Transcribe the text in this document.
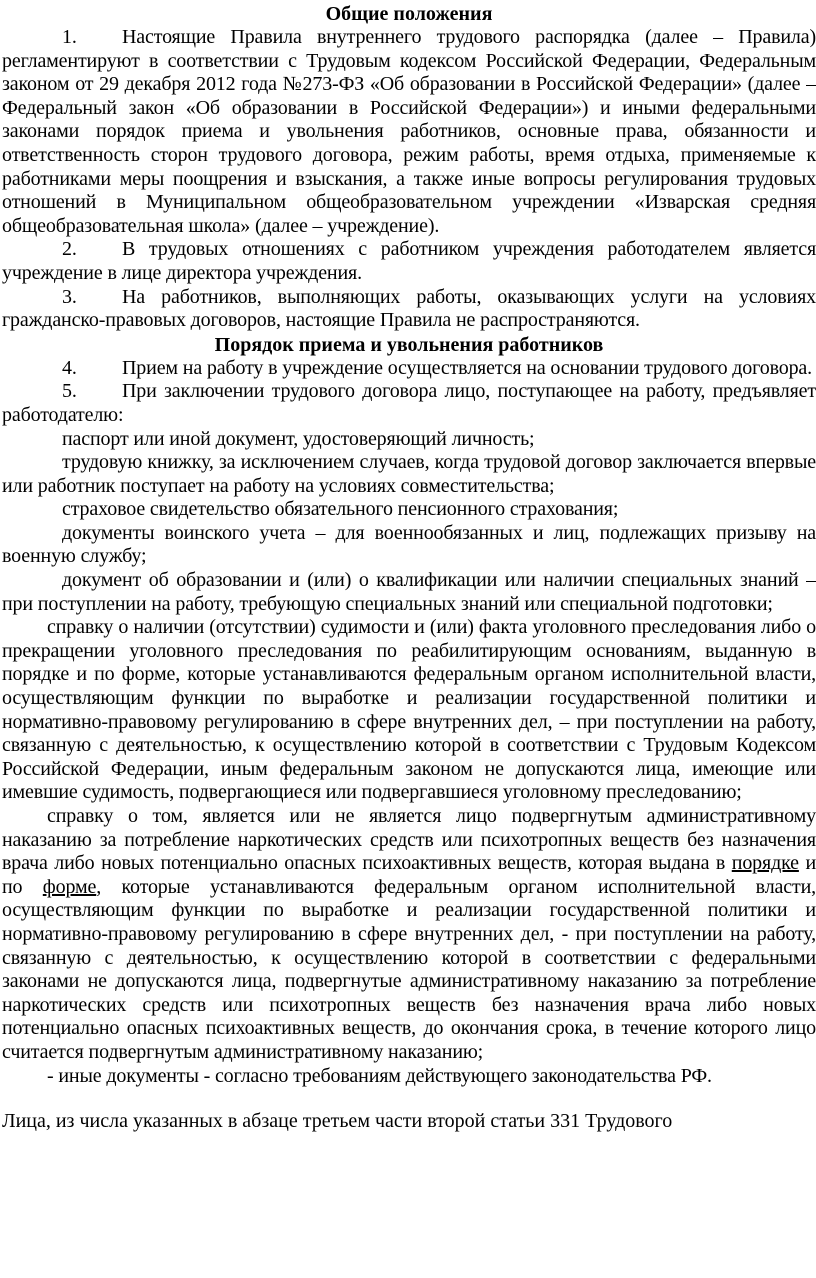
Общие положения

1. Настоящие Правила внутреннего трудового распорядка (далее – Правила) регламентируют в соответствии с Трудовым кодексом Российской Федерации, Федеральным законом от 29 декабря 2012 года №273-ФЗ «Об образовании в Российской Федерации» (далее – Федеральный закон «Об образовании в Российской Федерации») и иными федеральными законами порядок приема и увольнения работников, основные права, обязанности и ответственность сторон трудового договора, режим работы, время отдыха, применяемые к работниками меры поощрения и взыскания, а также иные вопросы регулирования трудовых отношений в Муниципальном общеобразовательном учреждении «Изварская средняя общеобразовательная школа» (далее – учреждение).

2. В трудовых отношениях с работником учреждения работодателем является учреждение в лице директора учреждения.

3. На работников, выполняющих работы, оказывающих услуги на условиях гражданско-правовых договоров, настоящие Правила не распространяются.

Порядок приема и увольнения работников

4. Прием на работу в учреждение осуществляется на основании трудового договора.

5. При заключении трудового договора лицо, поступающее на работу, предъявляет работодателю:

паспорт или иной документ, удостоверяющий личность;

трудовую книжку, за исключением случаев, когда трудовой договор заключается впервые или работник поступает на работу на условиях совместительства;

страховое свидетельство обязательного пенсионного страхования;

документы воинского учета – для военнообязанных и лиц, подлежащих призыву на военную службу;

документ об образовании и (или) о квалификации или наличии специальных знаний – при поступлении на работу, требующую специальных знаний или специальной подготовки;

справку о наличии (отсутствии) судимости и (или) факта уголовного преследования либо о прекращении уголовного преследования по реабилитирующим основаниям, выданную в порядке и по форме, которые устанавливаются федеральным органом исполнительной власти, осуществляющим функции по выработке и реализации государственной политики и нормативно-правовому регулированию в сфере внутренних дел, – при поступлении на работу, связанную с деятельностью, к осуществлению которой в соответствии с Трудовым Кодексом Российской Федерации, иным федеральным законом не допускаются лица, имеющие или имевшие судимость, подвергающиеся или подвергавшиеся уголовному преследованию;

справку о том, является или не является лицо подвергнутым административному наказанию за потребление наркотических средств или психотропных веществ без назначения врача либо новых потенциально опасных психоактивных веществ, которая выдана в порядке и по форме, которые устанавливаются федеральным органом исполнительной власти, осуществляющим функции по выработке и реализации государственной политики и нормативно-правовому регулированию в сфере внутренних дел, - при поступлении на работу, связанную с деятельностью, к осуществлению которой в соответствии с федеральными законами не допускаются лица, подвергнутые административному наказанию за потребление наркотических средств или психотропных веществ без назначения врача либо новых потенциально опасных психоактивных веществ, до окончания срока, в течение которого лицо считается подвергнутым административному наказанию;

- иные документы - согласно требованиям действующего законодательства РФ.

Лица, из числа указанных в абзаце третьем части второй статьи 331 Трудового
